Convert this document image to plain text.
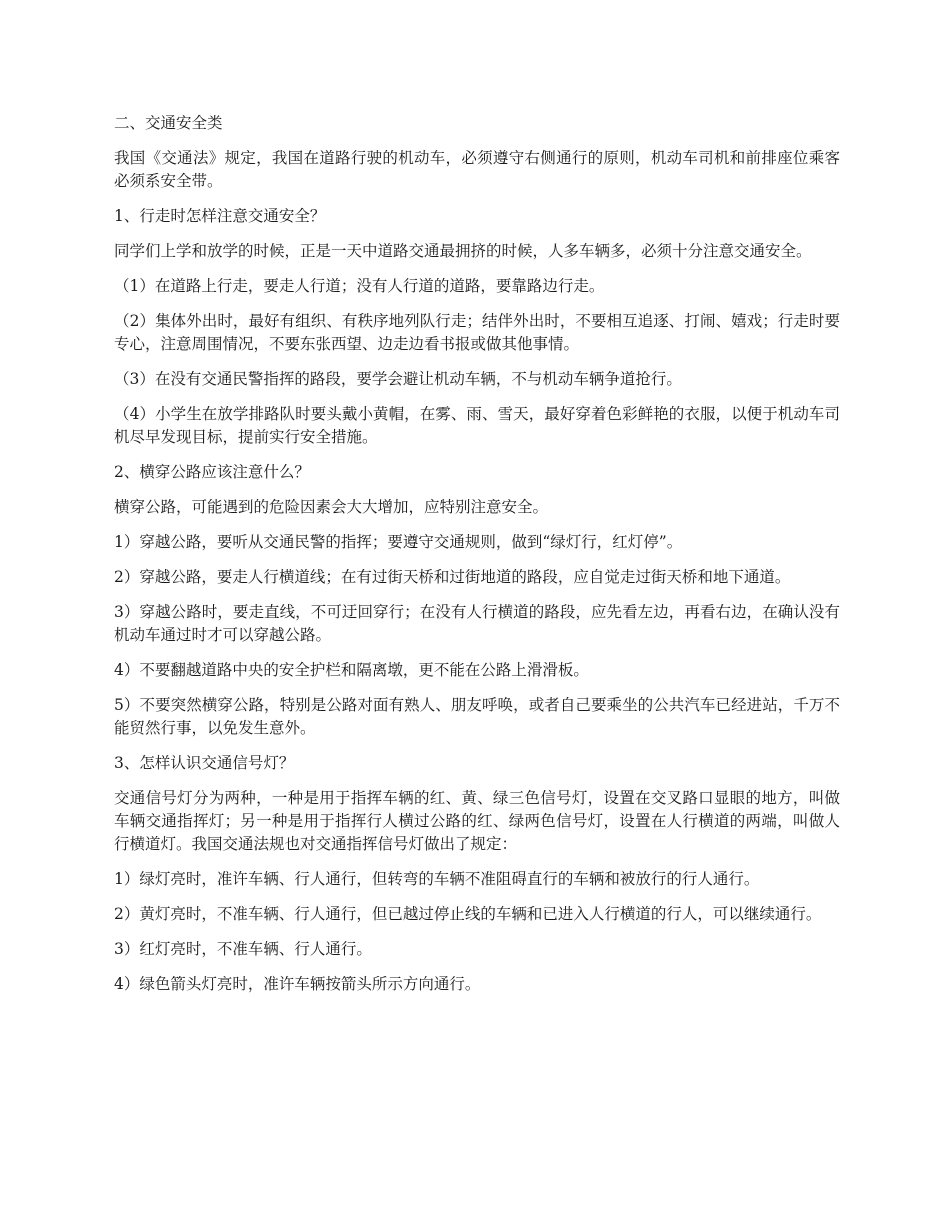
二、交通安全类

我国《交通法》规定，我国在道路行驶的机动车，必须遵守右侧通行的原则，机动车司机和前排座位乘客必须系安全带。

1、行走时怎样注意交通安全？

同学们上学和放学的时候，正是一天中道路交通最拥挤的时候，人多车辆多，必须十分注意交通安全。

（1）在道路上行走，要走人行道；没有人行道的道路，要靠路边行走。

（2）集体外出时，最好有组织、有秩序地列队行走；结伴外出时，不要相互追逐、打闹、嬉戏；行走时要专心，注意周围情况，不要东张西望、边走边看书报或做其他事情。

（3）在没有交通民警指挥的路段，要学会避让机动车辆，不与机动车辆争道抢行。

（4）小学生在放学排路队时要头戴小黄帽，在雾、雨、雪天，最好穿着色彩鲜艳的衣服，以便于机动车司机尽早发现目标，提前实行安全措施。

2、横穿公路应该注意什么？

横穿公路，可能遇到的危险因素会大大增加，应特别注意安全。

1）穿越公路，要听从交通民警的指挥；要遵守交通规则，做到“绿灯行，红灯停”。

2）穿越公路，要走人行横道线；在有过街天桥和过街地道的路段，应自觉走过街天桥和地下通道。

3）穿越公路时，要走直线，不可迂回穿行；在没有人行横道的路段，应先看左边，再看右边，在确认没有机动车通过时才可以穿越公路。

4）不要翻越道路中央的安全护栏和隔离墩，更不能在公路上滑滑板。

5）不要突然横穿公路，特别是公路对面有熟人、朋友呼唤，或者自己要乘坐的公共汽车已经进站，千万不能贸然行事，以免发生意外。

3、怎样认识交通信号灯？

交通信号灯分为两种，一种是用于指挥车辆的红、黄、绿三色信号灯，设置在交叉路口显眼的地方，叫做车辆交通指挥灯；另一种是用于指挥行人横过公路的红、绿两色信号灯，设置在人行横道的两端，叫做人行横道灯。我国交通法规也对交通指挥信号灯做出了规定：

1）绿灯亮时，准许车辆、行人通行，但转弯的车辆不准阻碍直行的车辆和被放行的行人通行。

2）黄灯亮时，不准车辆、行人通行，但已越过停止线的车辆和已进入人行横道的行人，可以继续通行。

3）红灯亮时，不准车辆、行人通行。

4）绿色箭头灯亮时，准许车辆按箭头所示方向通行。
